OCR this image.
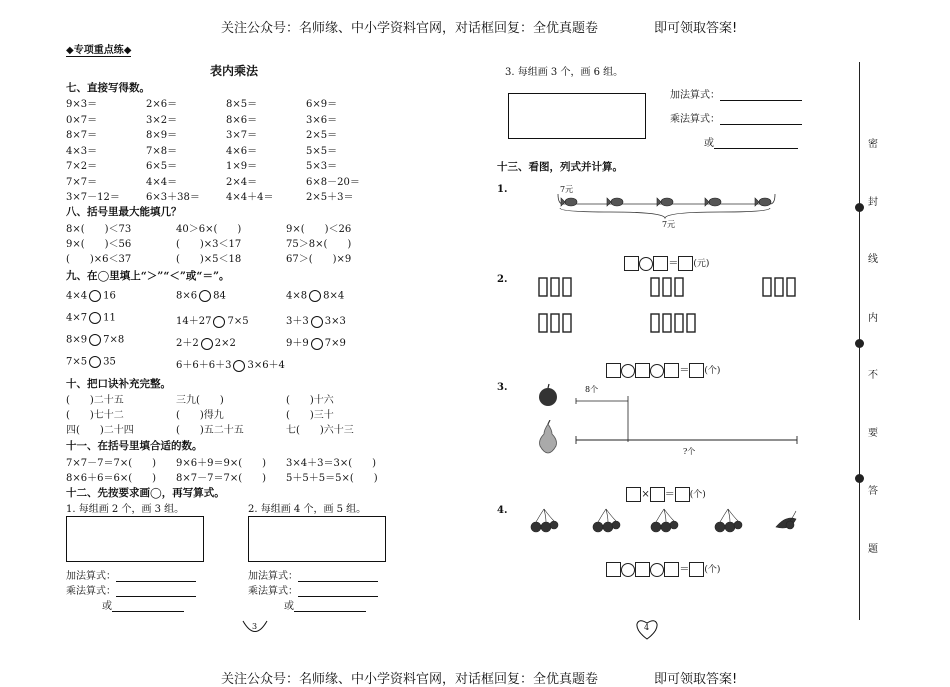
关注公众号：名师缘、中小学资料官网，对话框回复：全优真题卷	即可领取答案!

关注公众号：名师缘、中小学资料官网，对话框回复：全优真题卷	即可领取答案!

◆专项重点练◆
表内乘法
七、直接写得数。
9×3＝	2×6＝	8×5＝	6×9＝
0×7＝	3×2＝	8×6＝	3×6＝
8×7＝	8×9＝	3×7＝	2×5＝
4×3＝	7×8＝	4×6＝	5×5＝
7×2＝	6×5＝	1×9＝	5×3＝
7×7＝	4×4＝	2×4＝	6×8－20＝
3×7－12＝	6×3＋38＝	4×4＋4＝	2×5＋3＝
八、括号里最大能填几？
8×(　　)＜73	40＞6×(　　)	9×(　　)＜26
9×(　　)＜56	(　　)×3＜17	75＞8×(　　)
(　　)×6＜37	(　　)×5＜18	67＞(　　)×9
九、在◯里填上“＞”“＜”或“＝”。
4×4 16	8×6 84	4×8 8×4
4×7 11	14＋27 7×5	3＋3 3×3
8×9 7×8	2＋2 2×2	9＋9 7×9
7×5 35	6＋6＋6＋3 3×6＋4
十、把口诀补充完整。
(　　)二十五	三九(　　)	(　　)十六
(　　)七十二	(　　)得九	(　　)三十
四(　　)二十四	(　　)五二十五	七(　　)六十三
十一、在括号里填合适的数。
7×7－7＝7×(　　) 9×6＋9＝9×(　　) 3×4＋3＝3×(　　)
8×6＋6＝6×(　　) 8×7－7＝7×(　　) 5＋5＋5＝5×(　　)
十二、先按要求画◯，再写算式。
1. 每组画 2 个，画 3 组。	2. 每组画 4 个，画 5 组。
加法算式：
乘法算式：
或
加法算式：
乘法算式：
或
3
3. 每组画 3 个，画 6 组。
加法算式：
乘法算式：
或
十三、看图，列式并计算。
1.	7元
7元

＝ (元)

2.

＝ (个)

3.	8个
?个

× ＝ (个)

4.

＝ (个)

4
密
封
线
内
不
要
答
题
